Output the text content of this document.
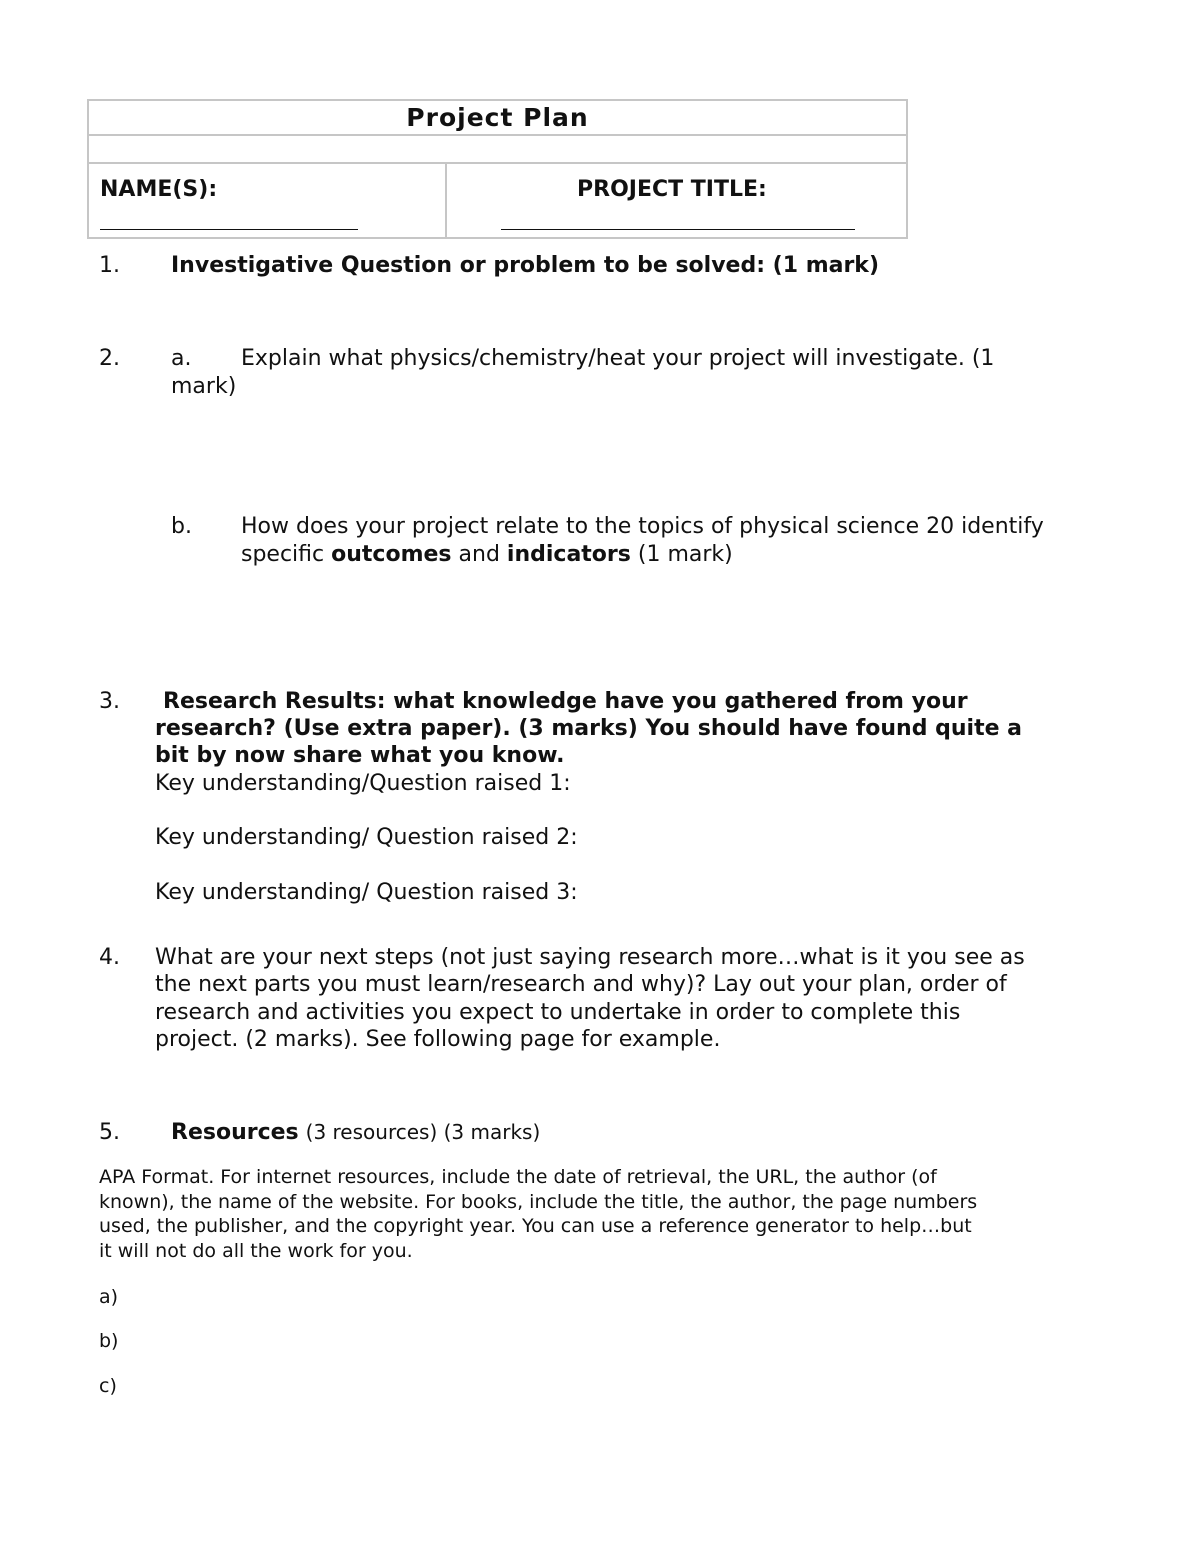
Project Plan
NAME(S):	PROJECT TITLE:
1. Investigative Question or problem to be solved: (1 mark)
2. a. Explain what physics/chemistry/heat your project will investigate. (1
mark)
b. How does your project relate to the topics of physical science 20 identify
specific outcomes and indicators (1 mark)
3. Research Results: what knowledge have you gathered from your
research? (Use extra paper). (3 marks) You should have found quite a
bit by now share what you know.
Key understanding/Question raised 1:
Key understanding/ Question raised 2:
Key understanding/ Question raised 3:
4. What are your next steps (not just saying research more…what is it you see as
the next parts you must learn/research and why)? Lay out your plan, order of
research and activities you expect to undertake in order to complete this
project. (2 marks). See following page for example.
5. Resources (3 resources) (3 marks)
APA Format. For internet resources, include the date of retrieval, the URL, the author (of
known), the name of the website. For books, include the title, the author, the page numbers
used, the publisher, and the copyright year. You can use a reference generator to help…but
it will not do all the work for you.
a)
b)
c)
